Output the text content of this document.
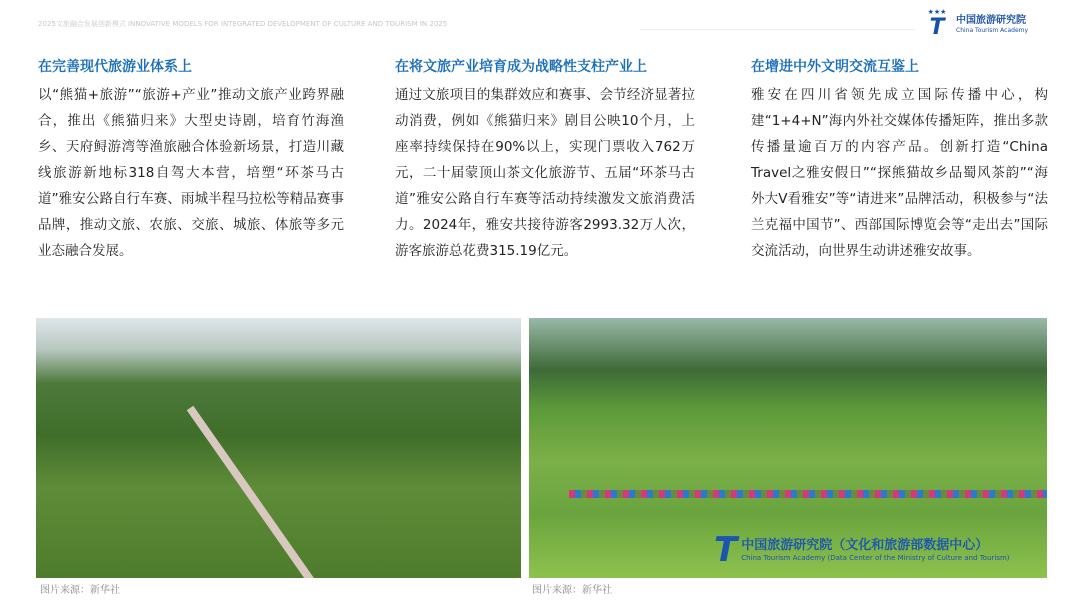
2025文旅融合发展创新模式 INNOVATIVE MODELS FOR INTEGRATED DEVELOPMENT OF CULTURE AND TOURISM IN 2025
★★★
T 中国旅游研究院
China Tourism Academy
在完善现代旅游业体系上

以“熊猫+旅游”“旅游+产业”推动文旅产业跨界融合，推出《熊猫归来》大型史诗剧，培育竹海渔乡、天府鲟游湾等渔旅融合体验新场景，打造川藏线旅游新地标318自驾大本营，培塑“环茶马古道”雅安公路自行车赛、雨城半程马拉松等精品赛事品牌，推动文旅、农旅、交旅、城旅、体旅等多元业态融合发展。

在将文旅产业培育成为战略性支柱产业上

通过文旅项目的集群效应和赛事、会节经济显著拉动消费，例如《熊猫归来》剧目公映10个月，上座率持续保持在90%以上，实现门票收入762万元，二十届蒙顶山茶文化旅游节、五届“环茶马古道”雅安公路自行车赛等活动持续激发文旅消费活力。2024年，雅安共接待游客2993.32万人次，游客旅游总花费315.19亿元。

在增进中外文明交流互鉴上

雅安在四川省领先成立国际传播中心，构建“1+4+N”海内外社交媒体传播矩阵，推出多款传播量逾百万的内容产品。创新打造“China Travel之雅安假日”“探熊猫故乡品蜀风茶韵”“海外大V看雅安”等“请进来”品牌活动，积极参与“法兰克福中国节”、西部国际博览会等“走出去”国际交流活动，向世界生动讲述雅安故事。

T 中国旅游研究院（文化和旅游部数据中心）
China Tourism Academy (Data Center of the Ministry of Culture and Tourism)
图片来源：新华社	图片来源：新华社
